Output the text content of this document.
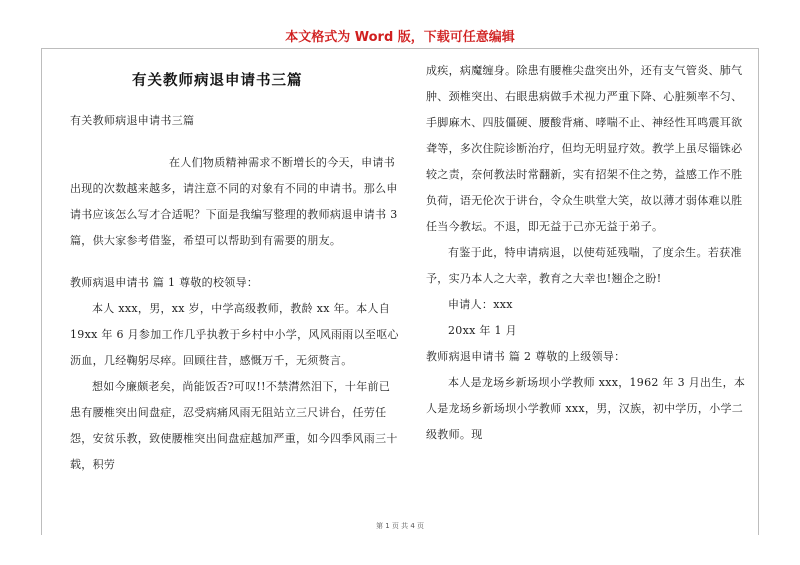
本文格式为 Word 版，下载可任意编辑
有关教师病退申请书三篇

有关教师病退申请书三篇

在人们物质精神需求不断增长的今天，申请书出现的次数越来越多，请注意不同的对象有不同的申请书。那么申请书应该怎么写才合适呢？下面是我编写整理的教师病退申请书 3 篇，供大家参考借鉴，希望可以帮助到有需要的朋友。

教师病退申请书 篇 1 尊敬的校领导：

本人 xxx，男，xx 岁，中学高级教师，教龄 xx 年。本人自 19xx 年 6 月参加工作几乎执教于乡村中小学，风风雨雨以至呕心沥血，几经鞠躬尽瘁。回顾往昔，感慨万千，无须赘言。

想如今廉颇老矣，尚能饭否?可叹!!不禁潸然泪下，十年前已患有腰椎突出间盘症，忍受病痛风雨无阻站立三尺讲台，任劳任怨，安贫乐教，致使腰椎突出间盘症越加严重，如今四季风雨三十载，积劳

成疾，病魔缠身。除患有腰椎尖盘突出外，还有支气管炎、肺气肿、颈椎突出、右眼患病做手术视力严重下降、心脏频率不匀、手脚麻木、四肢僵硬、腰酸背痛、哮喘不止、神经性耳鸣震耳欲聋等，多次住院诊断治疗，但均无明显疗效。教学上虽尽锱铢必较之责，奈何教法时常翻新，实有招架不住之势，益感工作不胜负荷，语无伦次于讲台，令众生哄堂大笑，故以薄才弱体难以胜任当今教坛。不退，即无益于己亦无益于弟子。

有鉴于此，特申请病退，以使苟延残喘，了度余生。若获准予，实乃本人之大幸，教育之大幸也!翘企之盼!

申请人：xxx

20xx 年 1 月

教师病退申请书 篇 2 尊敬的上级领导：

本人是龙场乡新场坝小学教师 xxx，1962 年 3 月出生，本人是龙场乡新场坝小学教师 xxx，男，汉族，初中学历，小学二级教师。现

第 1 页 共 4 页
